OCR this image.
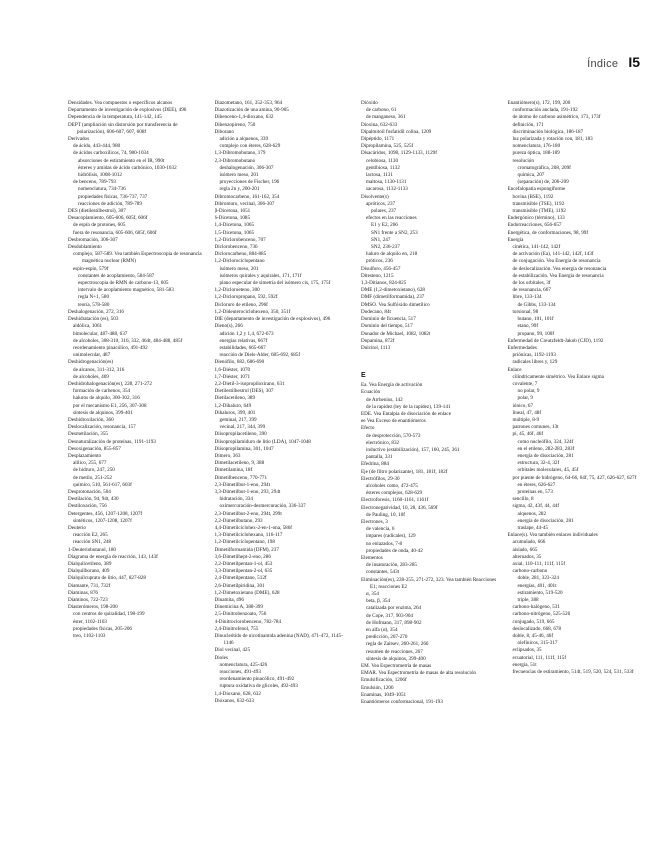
Índice I5
Densidades. Vea compuestos o específicos alcanos
Departamento de investigación de explosivos (DEE), 496
Dependencia de la temperatura, 141-142, 145
DEPT (ampliación sin distorsión por transferencia de polarización), 606-607, 607, 608f
Derivados
de ácido, 443-444, 980
de ácidos carboxílicos, 74, 980-1034
absorciones de estiramiento en el IR, 990t
ésteres y amidas de ácido carbónico, 1030-1032
hidrólisis, 1008-1012
de benceno, 789-793
nomenclatura, 734-736
propiedades físicas, 736-737, 737
reacciones de adición, 789-789
DES (dietilestilbestrol), 307
Desacoplamiento, 605-606, 605f, 606f
de espín de protones, 605
fuera de resonancia, 605-606, 605f, 606f
Desbromación, 306-307
Desdoblamiento
complejo, 587-589. Vea también Espectroscopia de resonancia magnética nuclear (RMN)
espín-espín, 579f
constantes de acoplamiento, 584-587
espectroscopia de RMN de carbono-13, 605
intervalo de acoplamiento magnético, 581-583
regla N+1, 580
teoría, 578-580
Deshalogenación, 272, 316
Deshidratación (es), 503
aldólica, 1061
bimolecular, 487-488, 637
de alcoholes, 308-310, 316, 332, 464t, 484-488, 485f
reordenamiento pinacólico, 491-492
unimolecular, 487
Deshidrogenación(es)
de alcanos, 311-312, 316
de alcoholes, 469
Deshidrohalogenación(es), 228, 271-272
formación de carbenos, 354
haluros de alquilo, 300-302, 316
por el mecanismo E1, 256, 307-308
síntesis de alquinos, 399-401
Deshidroxilación, 360
Deslocalización, resonancia, 157
Desmetilación, 355
Desnaturalización de proteínas, 1191-1193
Desoxigenación, 855-857
Desplazamiento
alílico, 255, 677
de hidruro, 247, 250
de metilo, 251-252
químico, 510, 561-617, 603f
Desprotonación, 504
Destilación, 94, 94t, 430
Destiloxación, 756
Detergentes, 456, 1207-1208, 1207f
sintéticos, 1207-1208, 1207f
Deuterio
reacción E2, 265
reacción SN1, 248
1-Deuteriobutanol, 180
Diagrama de energía de reacción, 143, 143f
Dialquilcetileno, 389
Dialquilborano, 409
Dialquilcuprato de litio, 447, 827-828
Diamante, 731, 732f
Diaminas, 876
Diaminos, 722-723
Diasterómeros, 198-200
con centros de quiralidad, 198-199
éster, 1102-1103
propiedades físicas, 205-206
treo, 1102-1103
Diazometano, 161, 352-353, 964
Diazotización de una amina, 90-905
Dibenceno-1,4-dioxano, 632
Dibenzopireno, 750
Diborano
adición a alquenos, 339
complejo con éteres, 628-629
1,3-Dibromobutano, 179
2,3-Dibromobutano
deshalogenación, 306-307
isómero meso, 201
proyecciones de Fischer, 196
regla 2n y, 200-201
Dibromocarbeno, 161-162, 354
Dibromuro, vecinal, 306-307
β-Dicetona, 1051
δ-Dicetona, 1085
1,4-Dicetona, 1065
1,5-Dicetona, 1065
1,2-Diclorobenceno, 707
Diclorobenceno, 736
Diclorocarbeno, 884-885
1,2-Diclorociclopentano
isómero meso, 201
isómeros quirales y aquirales, 171, 171f
plano especular de simetría del isómero cis, 175, 175f
1,2-Dicloroeteno, 300
1,2-Dicloropropano, 592, 592f
Dicloruro de etileno, 296f
1,2-Dideuterociclohexeno, 350, 351f
DIE (departamento de investigación de explosivos), 496
Dieno(s), 266
adición 1,2 y 1,4, 672-673
energías relativas, 667f
estabilidades, 665-667
reacción de Diels-Alder, 685-692, 685f
Dienófilo, 682, 686-690
1,6-Diéster, 1070
1,7-Diéster, 1071
2,2-Dietil-3-isopropiloxirano, 631
Dietilestilbestrol (DES), 307
Dietilacetileno, 389
1,2-Dihaluro, 649
Dihaluros, 399, 401
geminal, 217, 399
vecinal, 217, 344, 399
Diisopropilacetileno, 390
Diisopropilamiduro de litio (LDA), 1047-1048
Diisopropilamina, 301, 1047
Dímero, 363
Dimetilacetileno, 9, 388
Dimetilamina, 18f
Dimetilbenceno, 770-771
2,3-Dimetilbut-1-eno, 294t
3,3-Dimetilbut-1-eno, 293, 294t
hidratación, 334
oximercuración-desmercuración, 336-337
2,3-Dimetilbut-2-eno, 294t, 299t
2,2-Dimetilbutano, 293
4,4-Dimetilciclohex-2-en-1-ona, 586f
1,3-Dimetilciclohexano, 116-117
1,2-Dimetilciclopentano, 198
Dimetilformamida (DFM), 237
3,6-Dimetilhept-2-eno, 286
2,2-Dimetilpentan-1-ol, 453
3,3-Dimetilpentan-2-ol, 635
2,4-Dimetilpentano, 512f
2,6-Dimetilpiridina, 301
1,2-Dimetoxietano (DME), 628
Dinamita, 496
Dinemicina A, 388-399
2,5-Dinitrobenzoato, 756
4-Dinitroclorobenceno, 782-784
2,4-Dinitrofenol, 755
Dinucleótido de nicotinamida adenina (NAD), 471-472, 1145-1146
Diol vecinal, 425
Dioles
nomenclatura, 425-426
reacciones, 491-493
reordenamiento pinacólico, 491-492
ruptura oxidativa de glicoles, 492-493
1,4-Dioxano, 628, 632
Dioxanos, 632-633
Dióxido
de carbono, 61
de manganeso, 361
Dioxina, 632-633
Dipalmitoil fosfatidil colina, 1209
Dipéptido, 1171
Dipropilamina, 525, 525f
Disacáridos, 1098, 1129-1133, 1129f
celobiosa, 1130
gentibiosa, 1132
lactosa, 1131
maltosa, 1130-1131
sacarosa, 1132-1133
Disolvente(s)
apróticos, 237
polares, 237
efectos en las reacciones
E1 y E2, 266
SN1 frente a SN2, 253
SN1, 247
SN2, 236-237
haluro de alquilo en, 218
próticos, 236
Disulfuro, 456-457
Ditesteno, 1215
1,3-Ditianos, 824-825
DME (1,2-dimetoxietano), 628
DMF (dimetilformamida), 237
DMSO. Vea Sulfóxido dimetílico
Dodecano, 84t
Dominio de ficuencia, 517
Dominio del tiempo, 517
Donador de Michael, 1082, 1082t
Dopamina, 872f
Dulcitol, 1113
E
Ea. Vea Energía de activación
Ecuación
de Arrhenius, 142
de la rapidez (ley de la rapidez), 139-141
EDE. Vea Entalpía de disociación de enlace
ee Vea Exceso de enantiómeros
Efecto
de desprotección, 570-573
electrónico, 832
inductivo (estabilización), 157, 160, 245, 361
pantalla, 331
Efedrina, 884
Eje (de filtro polarizante), 181, 181f, 182f
Electrófilos, 29-30
alcoholes como, 472-475
ésteres complejos, 628-629
Electroforesis, 1160-1161, 1161f
Electronegatividad, 10, 28, 436, 569f
de Pauling, 10, 10f
Electrones, 3
de valencia, 6
impares (radicales), 129
no enlazados, 7-8
propiedades de onda, 40-42
Elementos
de insaturación, 283-285
constantes, 543t
Eliminación(es), 228-255, 271-272, 323. Vea también Reacciones E1; reacciones E2
α, 354
beta, β, 354
catalizada por enzima, 264
de Cope, 317, 903-904
de Hofmann, 317, 898-902
en alfa (α), 354
predicción, 267-270
regla de Zaitsev, 260-261, 266
resumen de reacciones, 267
síntesis de alquinos, 399-400
EM. Vea Espectrometría de masas
EMAR. Vea Espectrometría de masas de alta resolución
Emulsificación, 1206f
Emulsión, 1206
Enaminas, 1049-1051
Enantiómeros conformacional, 191-193
Enantiómero(s), 172, 199, 200
conformación anclada, 191-192
de átomo de carbono asimétrico, 173, 173f
definición, 171
discriminación biológica, 186-187
luz polarizada y rotación con, 181, 183
nomenclatura, 176-180
pureza óptica, 188-189
resolución
cromatográfica, 208, 209f
química, 207
(separación) de, 206-209
Encefalopatía espongiforme
bovina (BSE), 1192
transmisible (TSE), 1192
transmisible (TME), 1192
Endergónico (término), 133
Endorreacciones, 656-657
Energética, de conformaciones, 98, 99f
Energía
cinética, 141-142, 142f
de activación (Ea), 141-142, 142f, 143f
de conjugación. Vea Energía de resonancia
de deslocalización. Vea energía de resonancia
de estabilización. Vea Energía de resonancia
de los orbitales, 3f
de resonancia, 667
libre, 133-134
de Gibbs, 133-134
torsional, 98
butano, 101, 101f
etano, 99f
propano, 99, 100f
Enfermedad de Creutzfeldt-Jakob (CJD), 1192
Enfermedades
priónicas, 1192-1193
radicales libres y, 129
Enlace
cilíndricamente simétrico. Vea Enlace sigma
covalente, 7
no polar, 9
polar, 9
iónico, 67
lineal, 47, 48f
múltiple, 8-9
patrones comunes, 13t
pi, 45, 46f, 46f
como nucleófilo, 324, 324f
en el etileno, 282-283, 283f
energía de disociación, 281
estructura, 32-4, 32f
orbitales moleculares, 45, 45f
por puente de hidrógeno, 64-66, 64f, 75, 427, 626-627, 627f
en éteres, 626-627
proteínas en, 573
sencillo, 8
sigma, 42, 43f, 44, 44f
alquenos, 282
energía de disociación, 281
traslape, 44-45
Enlace(s). Vea también enlaces individuales
acumulado, 666
aislado, 665
alternados, 35
axial, 110-111, 111f, 115f
carbono-carbono
doble, 281, 323-324
energías, 401, 401t
estiramiento, 519-520
triple, 388
carbono-halógeno, 531
carbono-nitrógeno, 525-526
conjugado, 519, 665
deslocalizado, 668, 678
doble, 8, 45-46, 46f
olefínicos, 315-317
eclipsados, 35
ecuatorial, 111, 111f, 115f
energía, 51t
frecuencias de estiramiento, 514t, 519, 520, 524, 531, 533f
